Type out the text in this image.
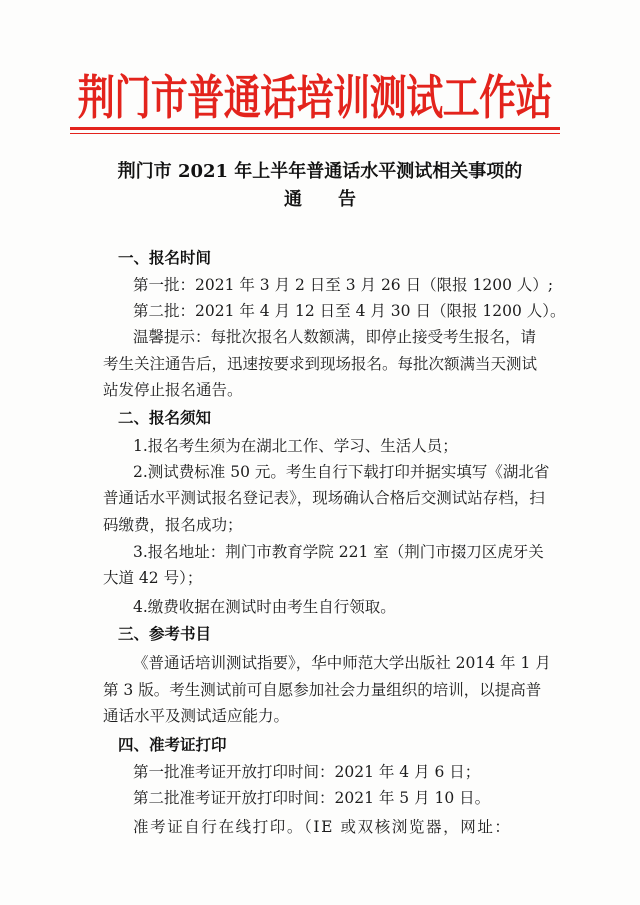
荆门市普通话培训测试工作站
荆门市 2021 年上半年普通话水平测试相关事项的
通　　告
一、报名时间
第一批：2021 年 3 月 2 日至 3 月 26 日（限报 1200 人）;
第二批：2021 年 4 月 12 日至 4 月 30 日（限报 1200 人）。
温馨提示：每批次报名人数额满，即停止接受考生报名，请
考生关注通告后，迅速按要求到现场报名。每批次额满当天测试
站发停止报名通告。
二、报名须知
1.报名考生须为在湖北工作、学习、生活人员；
2.测试费标准 50 元。考生自行下载打印并据实填写《湖北省
普通话水平测试报名登记表》，现场确认合格后交测试站存档，扫
码缴费，报名成功；
3.报名地址：荆门市教育学院 221 室（荆门市掇刀区虎牙关
大道 42 号）；
4.缴费收据在测试时由考生自行领取。
三、参考书目
《普通话培训测试指要》，华中师范大学出版社 2014 年 1 月
第 3 版。考生测试前可自愿参加社会力量组织的培训，以提高普
通话水平及测试适应能力。
四、准考证打印
第一批准考证开放打印时间：2021 年 4 月 6 日；
第二批准考证开放打印时间：2021 年 5 月 10 日。
准考证自行在线打印。（IE 或双核浏览器，网址：
